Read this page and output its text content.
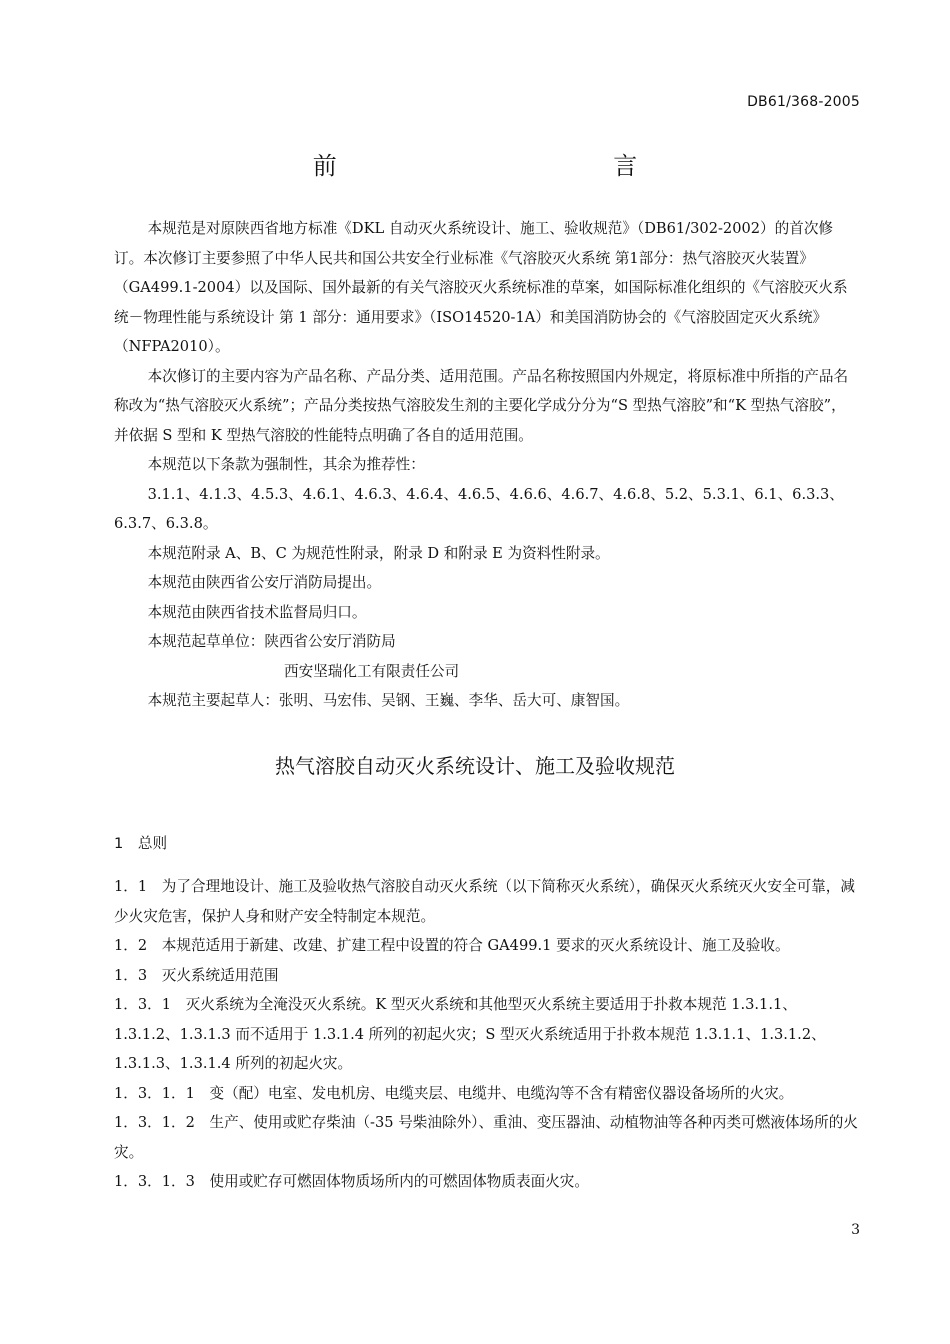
DB61/368-2005
前 言

本规范是对原陕西省地方标准《DKL 自动灭火系统设计、施工、验收规范》（DB61/302-2002）的首次修订。本次修订主要参照了中华人民共和国公共安全行业标准《气溶胶灭火系统 第1部分：热气溶胶灭火装置》（GA499.1-2004）以及国际、国外最新的有关气溶胶灭火系统标准的草案，如国际标准化组织的《气溶胶灭火系统－物理性能与系统设计 第 1 部分：通用要求》（ISO14520-1A）和美国消防协会的《气溶胶固定灭火系统》（NFPA2010）。

本次修订的主要内容为产品名称、产品分类、适用范围。产品名称按照国内外规定，将原标准中所指的产品名称改为“热气溶胶灭火系统”；产品分类按热气溶胶发生剂的主要化学成分分为“S 型热气溶胶”和“K 型热气溶胶”，并依据 S 型和 K 型热气溶胶的性能特点明确了各自的适用范围。

本规范以下条款为强制性，其余为推荐性：

3.1.1、4.1.3、4.5.3、4.6.1、4.6.3、4.6.4、4.6.5、4.6.6、4.6.7、4.6.8、5.2、5.3.1、6.1、6.3.3、6.3.7、6.3.8。

本规范附录 A、B、C 为规范性附录，附录 D 和附录 E 为资料性附录。

本规范由陕西省公安厅消防局提出。

本规范由陕西省技术监督局归口。

本规范起草单位：陕西省公安厅消防局

西安坚瑞化工有限责任公司

本规范主要起草人：张明、马宏伟、吴钢、王巍、李华、岳大可、康智国。

热气溶胶自动灭火系统设计、施工及验收规范
1　总则

1．1　为了合理地设计、施工及验收热气溶胶自动灭火系统（以下简称灭火系统），确保灭火系统灭火安全可靠，减少火灾危害，保护人身和财产安全特制定本规范。

1．2　本规范适用于新建、改建、扩建工程中设置的符合 GA499.1 要求的灭火系统设计、施工及验收。

1．3　灭火系统适用范围

1．3．1　灭火系统为全淹没灭火系统。K 型灭火系统和其他型灭火系统主要适用于扑救本规范 1.3.1.1、1.3.1.2、1.3.1.3 而不适用于 1.3.1.4 所列的初起火灾；S 型灭火系统适用于扑救本规范 1.3.1.1、1.3.1.2、1.3.1.3、1.3.1.4 所列的初起火灾。

1．3．1．1　变（配）电室、发电机房、电缆夹层、电缆井、电缆沟等不含有精密仪器设备场所的火灾。

1．3．1．2　生产、使用或贮存柴油（-35 号柴油除外）、重油、变压器油、动植物油等各种丙类可燃液体场所的火灾。

1．3．1．3　使用或贮存可燃固体物质场所内的可燃固体物质表面火灾。

3
